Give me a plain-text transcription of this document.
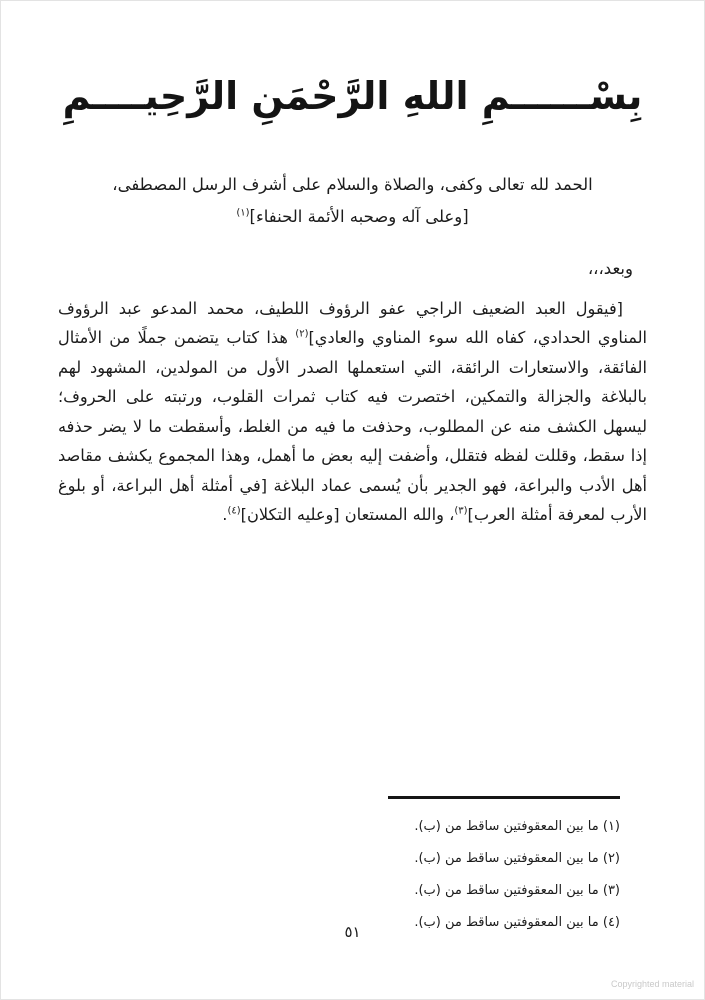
بِسْــــــمِ اللهِ الرَّحْمَنِ الرَّحِيــــمِ

الحمد لله تعالى وكفى، والصلاة والسلام على أشرف الرسل المصطفى،

[وعلى آله وصحبه الأئمة الحنفاء]$^{(١)}$

وبعد،،،
[فيقول العبد الضعيف الراجي عفو الرؤوف اللطيف، محمد المدعو عبد الرؤوف المناوي الحدادي، كفاه الله سوء المناوي والعادي]$^{(٢)}$ هذا كتاب يتضمن جملًا من الأمثال الفائقة، والاستعارات الرائقة، التي استعملها الصدر الأول من المولدين، المشهود لهم بالبلاغة والجزالة والتمكين، اختصرت فيه كتاب ثمرات القلوب، ورتبته على الحروف؛ ليسهل الكشف منه عن المطلوب، وحذفت ما فيه من الغلط، وأسقطت ما لا يضر حذفه إذا سقط، وقللت لفظه فتقلل، وأضفت إليه بعض ما أهمل، وهذا المجموع يكشف مقاصد أهل الأدب والبراعة، فهو الجدير بأن يُسمى عماد البلاغة [في أمثلة أهل البراعة، أو بلوغ الأرب لمعرفة أمثلة العرب]$^{(٣)}$، والله المستعان [وعليه التكلان]$^{(٤)}$.
(١) ما بين المعقوفتين ساقط من (ب).
(٢) ما بين المعقوفتين ساقط من (ب).
(٣) ما بين المعقوفتين ساقط من (ب).
(٤) ما بين المعقوفتين ساقط من (ب).
٥١
Copyrighted material
